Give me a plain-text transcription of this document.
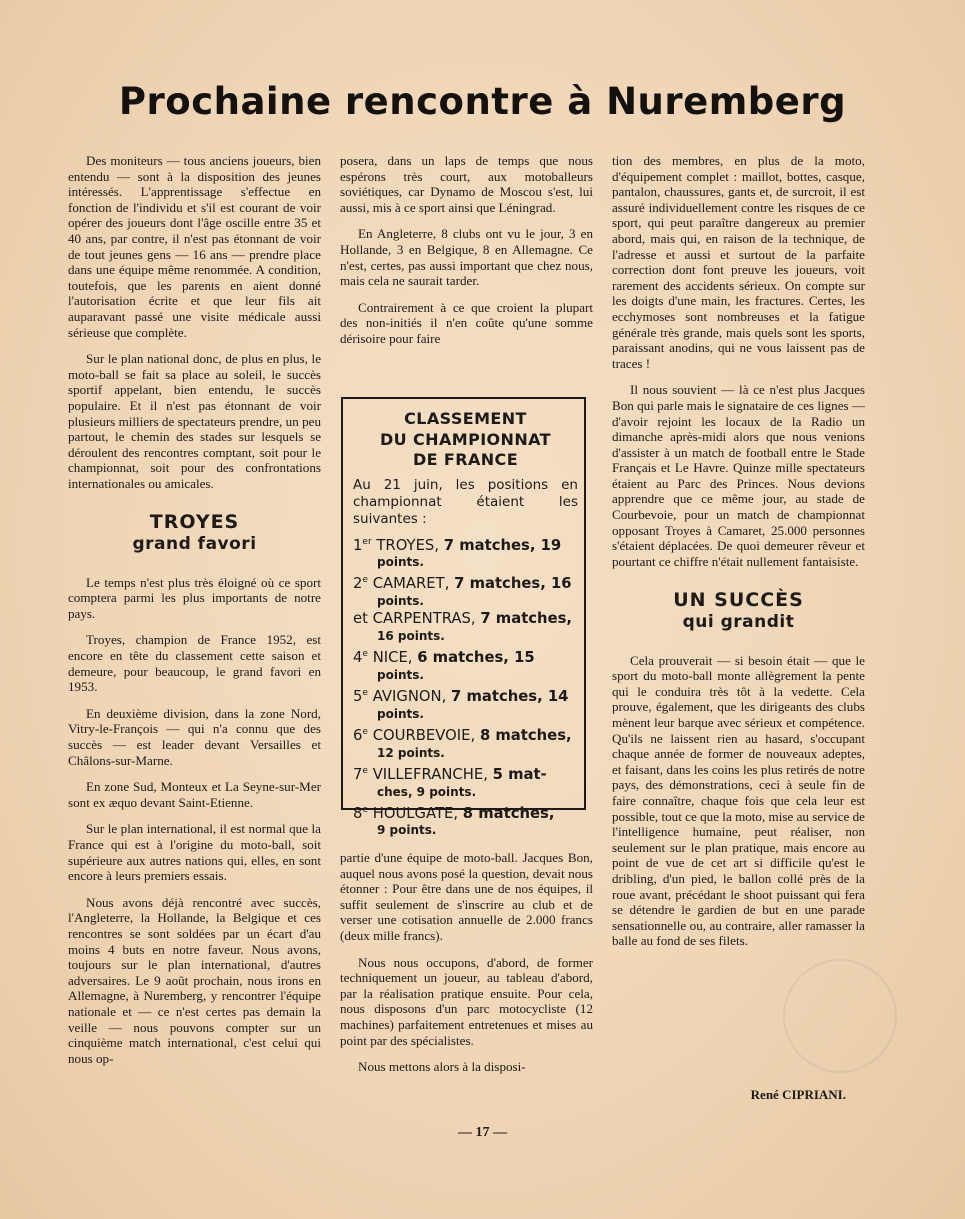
Prochaine rencontre à Nuremberg

Des moniteurs — tous anciens joueurs, bien entendu — sont à la disposition des jeunes intéressés. L'apprentissage s'effectue en fonction de l'individu et s'il est courant de voir opérer des joueurs dont l'âge oscille entre 35 et 40 ans, par contre, il n'est pas étonnant de voir de tout jeunes gens — 16 ans — prendre place dans une équipe même renommée. A condition, toutefois, que les parents en aient donné l'autorisation écrite et que leur fils ait auparavant passé une visite médicale aussi sérieuse que complète.

Sur le plan national donc, de plus en plus, le moto-ball se fait sa place au soleil, le succès sportif appelant, bien entendu, le succès populaire. Et il n'est pas étonnant de voir plusieurs milliers de spectateurs prendre, un peu partout, le chemin des stades sur lesquels se déroulent des rencontres comptant, soit pour le championnat, soit pour des confrontations internationales ou amicales.

TROYES
grand favori

Le temps n'est plus très éloigné où ce sport comptera parmi les plus importants de notre pays.

Troyes, champion de France 1952, est encore en tête du classement cette saison et demeure, pour beaucoup, le grand favori en 1953.

En deuxième division, dans la zone Nord, Vitry-le-François — qui n'a connu que des succès — est leader devant Versailles et Châlons-sur-Marne.

En zone Sud, Monteux et La Seyne-sur-Mer sont ex æquo devant Saint-Etienne.

Sur le plan international, il est normal que la France qui est à l'origine du moto-ball, soit supérieure aux autres nations qui, elles, en sont encore à leurs premiers essais.

Nous avons déjà rencontré avec succès, l'Angleterre, la Hollande, la Belgique et ces rencontres se sont soldées par un écart d'au moins 4 buts en notre faveur. Nous avons, toujours sur le plan international, d'autres adversaires. Le 9 août prochain, nous irons en Allemagne, à Nuremberg, y rencontrer l'équipe nationale et — ce n'est certes pas demain la veille — nous pouvons compter sur un cinquième match international, c'est celui qui nous op-

posera, dans un laps de temps que nous espérons très court, aux motoballeurs soviétiques, car Dynamo de Moscou s'est, lui aussi, mis à ce sport ainsi que Léningrad.

En Angleterre, 8 clubs ont vu le jour, 3 en Hollande, 3 en Belgique, 8 en Allemagne. Ce n'est, certes, pas aussi important que chez nous, mais cela ne saurait tarder.

Contrairement à ce que croient la plupart des non-initiés il n'en coûte qu'une somme dérisoire pour faire

CLASSEMENT
DU CHAMPIONNAT
DE FRANCE
Au 21 juin, les positions en championnat étaient les suivantes :
1er TROYES, 7 matches, 19
points.
2e CAMARET, 7 matches, 16
points.
et CARPENTRAS, 7 matches,
16 points.
4e NICE, 6 matches, 15
points.
5e AVIGNON, 7 matches, 14
points.
6e COURBEVOIE, 8 matches,
12 points.
7e VILLEFRANCHE, 5 mat-
ches, 9 points.
8e HOULGATE, 8 matches,
9 points.

partie d'une équipe de moto-ball. Jacques Bon, auquel nous avons posé la question, devait nous étonner : Pour être dans une de nos équipes, il suffit seulement de s'inscrire au club et de verser une cotisation annuelle de 2.000 francs (deux mille francs).

Nous nous occupons, d'abord, de former techniquement un joueur, au tableau d'abord, par la réalisation pratique ensuite. Pour cela, nous disposons d'un parc motocycliste (12 machines) parfaitement entretenues et mises au point par des spécialistes.

Nous mettons alors à la disposi-

tion des membres, en plus de la moto, d'équipement complet : maillot, bottes, casque, pantalon, chaussures, gants et, de surcroit, il est assuré individuellement contre les risques de ce sport, qui peut paraître dangereux au premier abord, mais qui, en raison de la technique, de l'adresse et aussi et surtout de la parfaite correction dont font preuve les joueurs, voit rarement des accidents sérieux. On compte sur les doigts d'une main, les fractures. Certes, les ecchymoses sont nombreuses et la fatigue générale très grande, mais quels sont les sports, paraissant anodins, qui ne vous laissent pas de traces !

Il nous souvient — là ce n'est plus Jacques Bon qui parle mais le signataire de ces lignes — d'avoir rejoint les locaux de la Radio un dimanche après-midi alors que nous venions d'assister à un match de football entre le Stade Français et Le Havre. Quinze mille spectateurs étaient au Parc des Princes. Nous devions apprendre que ce même jour, au stade de Courbevoie, pour un match de championnat opposant Troyes à Camaret, 25.000 personnes s'étaient déplacées. De quoi demeurer rêveur et pourtant ce chiffre n'était nullement fantaisiste.

UN SUCCÈS
qui grandit

Cela prouverait — si besoin était — que le sport du moto-ball monte allègrement la pente qui le conduira très tôt à la vedette. Cela prouve, également, que les dirigeants des clubs mènent leur barque avec sérieux et compétence. Qu'ils ne laissent rien au hasard, s'occupant chaque année de former de nouveaux adeptes, et faisant, dans les coins les plus retirés de notre pays, des démonstrations, ceci à seule fin de faire connaître, chaque fois que cela leur est possible, tout ce que la moto, mise au service de l'intelligence humaine, peut réaliser, non seulement sur le plan pratique, mais encore au point de vue de cet art si difficile qu'est le dribling, d'un pied, le ballon collé près de la roue avant, précédant le shoot puissant qui fera se détendre le gardien de but en une parade sensationnelle ou, au contraire, aller ramasser la balle au fond de ses filets.

René CIPRIANI.
— 17 —
